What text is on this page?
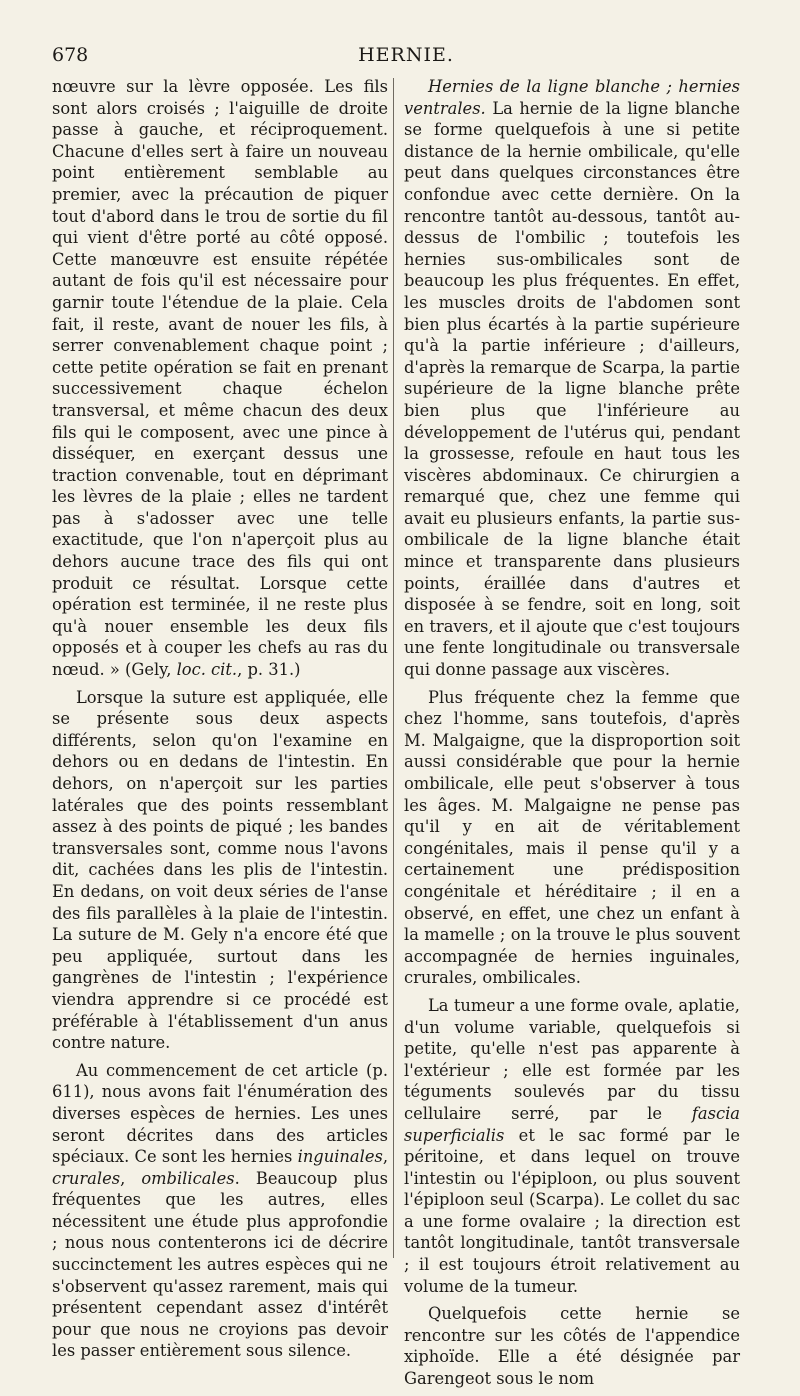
678	HERNIE.

nœuvre sur la lèvre opposée. Les fils sont alors croisés ; l'aiguille de droite passe à gauche, et réciproquement. Chacune d'elles sert à faire un nouveau point entièrement semblable au premier, avec la précaution de piquer tout d'abord dans le trou de sortie du fil qui vient d'être porté au côté opposé. Cette manœuvre est ensuite répétée autant de fois qu'il est nécessaire pour garnir toute l'étendue de la plaie. Cela fait, il reste, avant de nouer les fils, à serrer convenablement chaque point ; cette petite opération se fait en prenant successivement chaque échelon transversal, et même chacun des deux fils qui le composent, avec une pince à disséquer, en exerçant dessus une traction convenable, tout en déprimant les lèvres de la plaie ; elles ne tardent pas à s'adosser avec une telle exactitude, que l'on n'aperçoit plus au dehors aucune trace des fils qui ont produit ce résultat. Lorsque cette opération est terminée, il ne reste plus qu'à nouer ensemble les deux fils opposés et à couper les chefs au ras du nœud. » (Gely, loc. cit., p. 31.)

Lorsque la suture est appliquée, elle se présente sous deux aspects différents, selon qu'on l'examine en dehors ou en dedans de l'intestin. En dehors, on n'aperçoit sur les parties latérales que des points ressemblant assez à des points de piqué ; les bandes transversales sont, comme nous l'avons dit, cachées dans les plis de l'intestin. En dedans, on voit deux séries de l'anse des fils parallèles à la plaie de l'intestin. La suture de M. Gely n'a encore été que peu appliquée, surtout dans les gangrènes de l'intestin ; l'expérience viendra apprendre si ce procédé est préférable à l'établissement d'un anus contre nature.

Au commencement de cet article (p. 611), nous avons fait l'énumération des diverses espèces de hernies. Les unes seront décrites dans des articles spéciaux. Ce sont les hernies inguinales, crurales, ombilicales. Beaucoup plus fréquentes que les autres, elles nécessitent une étude plus approfondie ; nous nous contenterons ici de décrire succinctement les autres espèces qui ne s'observent qu'assez rarement, mais qui présentent cependant assez d'intérêt pour que nous ne croyions pas devoir les passer entièrement sous silence.

Hernies de la ligne blanche ; hernies ventrales. La hernie de la ligne blanche se forme quelquefois à une si petite distance de la hernie ombilicale, qu'elle peut dans quelques circonstances être confondue avec cette dernière. On la rencontre tantôt au-dessous, tantôt au-dessus de l'ombilic ; toutefois les hernies sus-ombilicales sont de beaucoup les plus fréquentes. En effet, les muscles droits de l'abdomen sont bien plus écartés à la partie supérieure qu'à la partie inférieure ; d'ailleurs, d'après la remarque de Scarpa, la partie supérieure de la ligne blanche prête bien plus que l'inférieure au développement de l'utérus qui, pendant la grossesse, refoule en haut tous les viscères abdominaux. Ce chirurgien a remarqué que, chez une femme qui avait eu plusieurs enfants, la partie sus-ombilicale de la ligne blanche était mince et transparente dans plusieurs points, éraillée dans d'autres et disposée à se fendre, soit en long, soit en travers, et il ajoute que c'est toujours une fente longitudinale ou transversale qui donne passage aux viscères.

Plus fréquente chez la femme que chez l'homme, sans toutefois, d'après M. Malgaigne, que la disproportion soit aussi considérable que pour la hernie ombilicale, elle peut s'observer à tous les âges. M. Malgaigne ne pense pas qu'il y en ait de véritablement congénitales, mais il pense qu'il y a certainement une prédisposition congénitale et héréditaire ; il en a observé, en effet, une chez un enfant à la mamelle ; on la trouve le plus souvent accompagnée de hernies inguinales, crurales, ombilicales.

La tumeur a une forme ovale, aplatie, d'un volume variable, quelquefois si petite, qu'elle n'est pas apparente à l'extérieur ; elle est formée par les téguments soulevés par du tissu cellulaire serré, par le fascia superficialis et le sac formé par le péritoine, et dans lequel on trouve l'intestin ou l'épiploon, ou plus souvent l'épiploon seul (Scarpa). Le collet du sac a une forme ovalaire ; la direction est tantôt longitudinale, tantôt transversale ; il est toujours étroit relativement au volume de la tumeur.

Quelquefois cette hernie se rencontre sur les côtés de l'appendice xiphoïde. Elle a été désignée par Garengeot sous le nom
